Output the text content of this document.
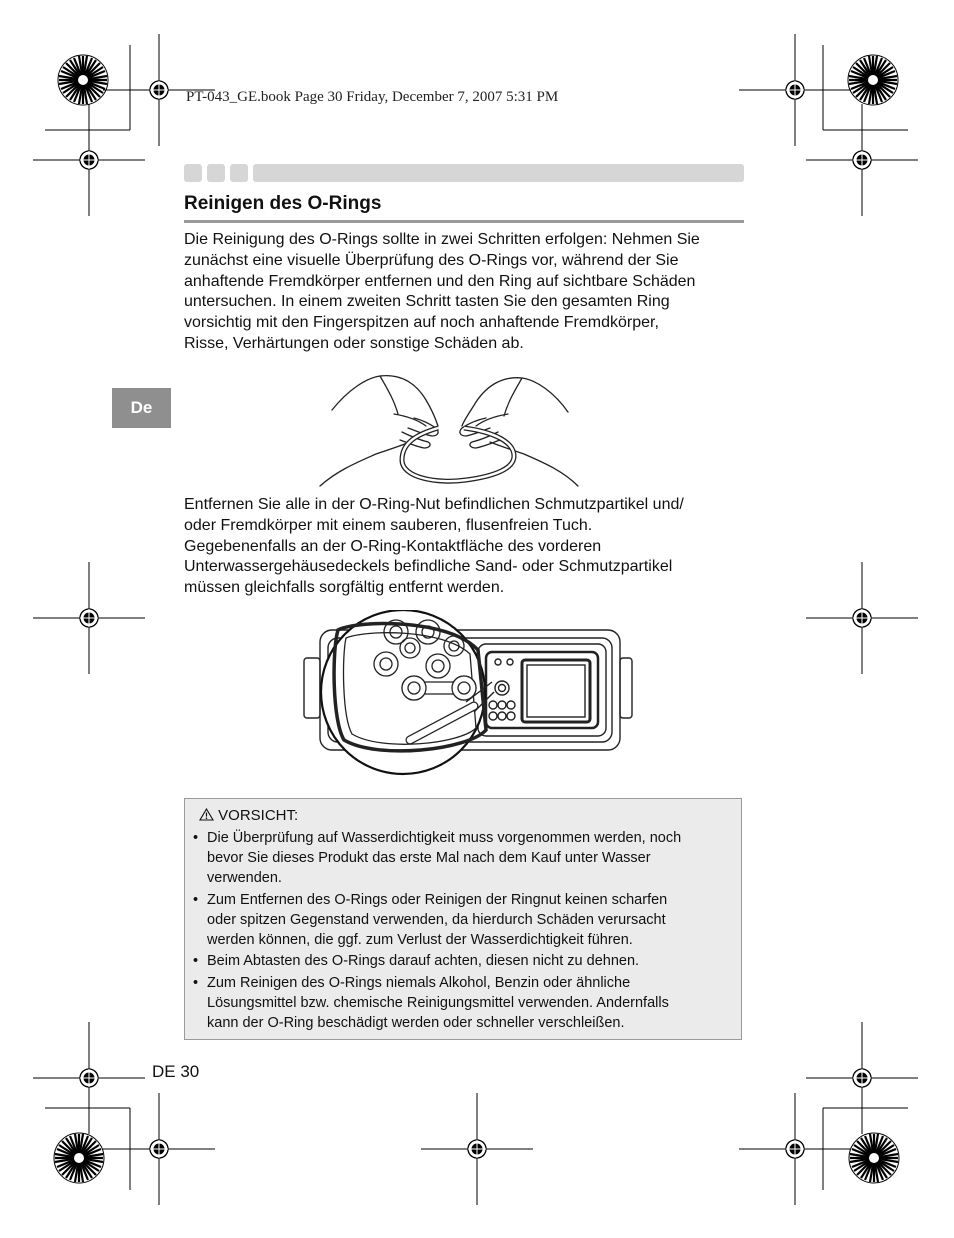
PT-043_GE.book Page 30 Friday, December 7, 2007 5:31 PM
Reinigen des O-Rings
De

Die Reinigung des O-Rings sollte in zwei Schritten erfolgen: Nehmen Sie

zunächst eine visuelle Überprüfung des O-Rings vor, während der Sie

anhaftende Fremdkörper entfernen und den Ring auf sichtbare Schäden

untersuchen. In einem zweiten Schritt tasten Sie den gesamten Ring

vorsichtig mit den Fingerspitzen auf noch anhaftende Fremdkörper,

Risse, Verhärtungen oder sonstige Schäden ab.

Entfernen Sie alle in der O-Ring-Nut befindlichen Schmutzpartikel und/

oder Fremdkörper mit einem sauberen, flusenfreien Tuch.

Gegebenenfalls an der O-Ring-Kontaktfläche des vorderen

Unterwassergehäusedeckels befindliche Sand- oder Schmutzpartikel

müssen gleichfalls sorgfältig entfernt werden.

VORSICHT:
• Die Überprüfung auf Wasserdichtigkeit muss vorgenommen werden, noch
bevor Sie dieses Produkt das erste Mal nach dem Kauf unter Wasser
verwenden.
• Zum Entfernen des O-Rings oder Reinigen der Ringnut keinen scharfen
oder spitzen Gegenstand verwenden, da hierdurch Schäden verursacht
werden können, die ggf. zum Verlust der Wasserdichtigkeit führen.
• Beim Abtasten des O-Rings darauf achten, diesen nicht zu dehnen.
• Zum Reinigen des O-Rings niemals Alkohol, Benzin oder ähnliche
Lösungsmittel bzw. chemische Reinigungsmittel verwenden. Andernfalls
kann der O-Ring beschädigt werden oder schneller verschleißen.
DE 30
